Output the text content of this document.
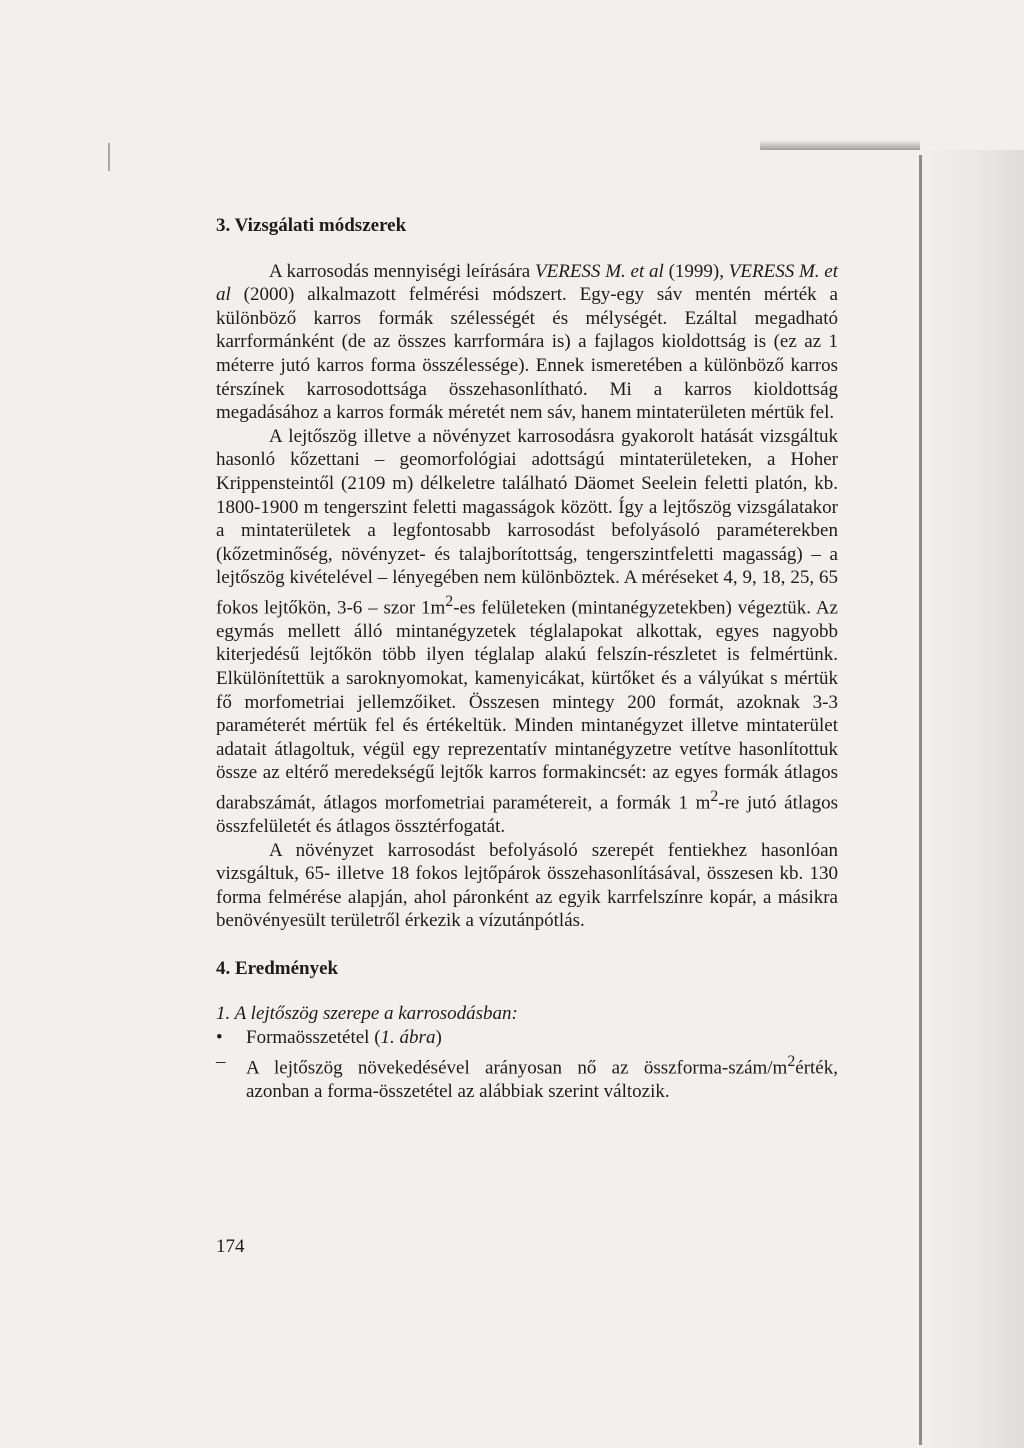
3. Vizsgálati módszerek

A karrosodás mennyiségi leírására VERESS M. et al (1999), VERESS M. et al (2000) alkalmazott felmérési módszert. Egy-egy sáv mentén mérték a különböző karros formák szélességét és mélységét. Ezáltal megadható karrformánként (de az összes karrformára is) a fajlagos kioldottság is (ez az 1 méterre jutó karros forma összélessége). Ennek ismeretében a különböző karros térszínek karrosodottsága összehasonlítható. Mi a karros kioldottság megadásához a karros formák méretét nem sáv, hanem mintaterületen mértük fel.

A lejtőszög illetve a növényzet karrosodásra gyakorolt hatását vizsgáltuk hasonló kőzettani – geomorfológiai adottságú mintaterületeken, a Hoher Krippensteintől (2109 m) délkeletre található Däomet Seelein feletti platón, kb. 1800-1900 m tengerszint feletti magasságok között. Így a lejtőszög vizsgálatakor a mintaterületek a legfontosabb karrosodást befolyásoló paraméterekben (kőzetminőség, növényzet- és talajborítottság, tengerszintfeletti magasság) – a lejtőszög kivételével – lényegében nem különböztek. A méréseket 4, 9, 18, 25, 65 fokos lejtőkön, 3-6 – szor $1m^2-es$ felületeken (mintanégyzetekben) végeztük. Az egymás mellett álló mintanégyzetek téglalapokat alkottak, egyes nagyobb kiterjedésű lejtőkön több ilyen téglalap alakú felszín-részletet is felmértünk. Elkülönítettük a saroknyomokat, kamenyicákat, kürtőket és a vályúkat s mértük fő morfometriai jellemzőiket. Összesen mintegy 200 formát, azoknak 3-3 paraméterét mértük fel és értékeltük. Minden mintanégyzet illetve mintaterület adatait átlagoltuk, végül egy reprezentatív mintanégyzetre vetítve hasonlítottuk össze az eltérő meredekségű lejtők karros formakincsét: az egyes formák átlagos darabszámát, átlagos morfometriai paramétereit, a formák 1 $m^2-re$ jutó átlagos összfelületét és átlagos össztérfogatát.

A növényzet karrosodást befolyásoló szerepét fentiekhez hasonlóan vizsgáltuk, 65- illetve 18 fokos lejtőpárok összehasonlításával, összesen kb. 130 forma felmérése alapján, ahol páronként az egyik karrfelszínre kopár, a másikra benövényesült területről érkezik a vízutánpótlás.

4. Eredmények

1. A lejtőszög szerepe a karrosodásban:

•	Formaösszetétel (1. ábra)
–	A lejtőszög növekedésével arányosan nő az összforma-$szám/m^2érték$, azonban a forma-összetétel az alábbiak szerint változik.
174
